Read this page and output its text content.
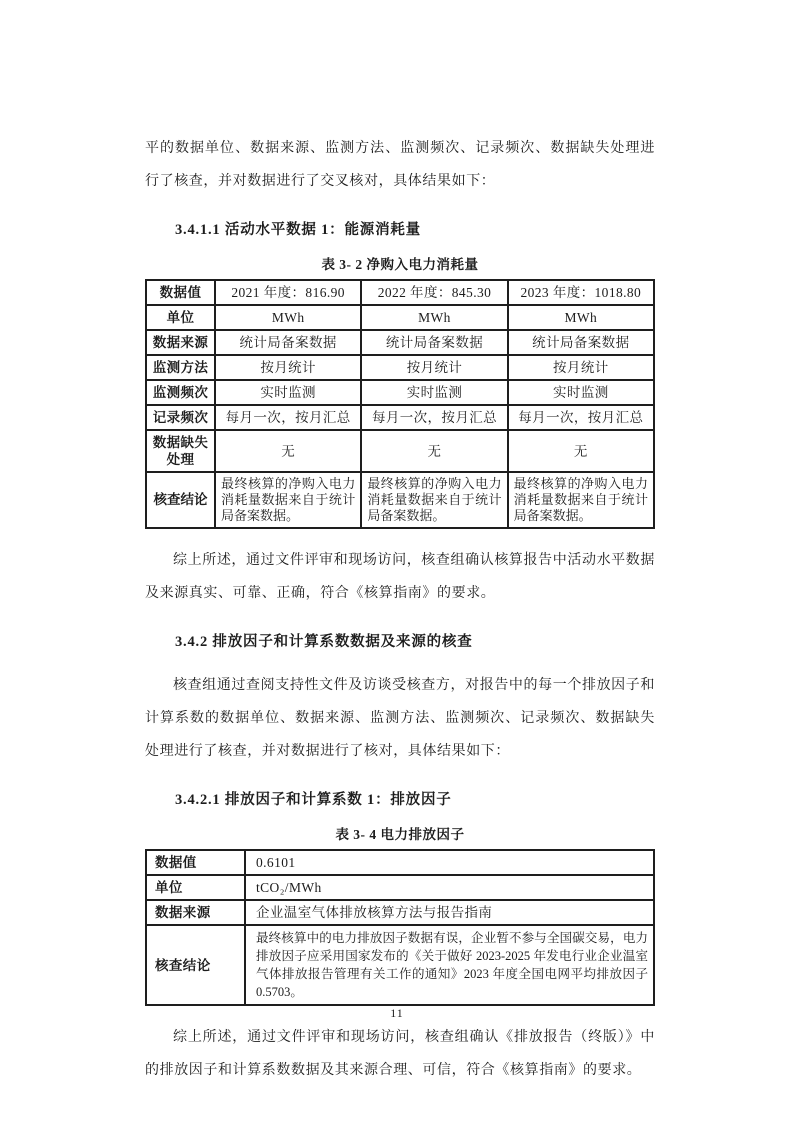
平的数据单位、数据来源、监测方法、监测频次、记录频次、数据缺失处理进行了核查，并对数据进行了交叉核对，具体结果如下：

3.4.1.1 活动水平数据 1：能源消耗量
表 3- 2 净购入电力消耗量
数据值	2021 年度：816.90	2022 年度：845.30	2023 年度：1018.80
单位	MWh	MWh	MWh
数据来源	统计局备案数据	统计局备案数据	统计局备案数据
监测方法	按月统计	按月统计	按月统计
监测频次	实时监测	实时监测	实时监测
记录频次	每月一次，按月汇总	每月一次，按月汇总	每月一次，按月汇总
数据缺失处理	无	无	无
核查结论	最终核算的净购入电力消耗量数据来自于统计局备案数据。	最终核算的净购入电力消耗量数据来自于统计局备案数据。	最终核算的净购入电力消耗量数据来自于统计局备案数据。

综上所述，通过文件评审和现场访问，核查组确认核算报告中活动水平数据及来源真实、可靠、正确，符合《核算指南》的要求。

3.4.2 排放因子和计算系数数据及来源的核查

核查组通过查阅支持性文件及访谈受核查方，对报告中的每一个排放因子和计算系数的数据单位、数据来源、监测方法、监测频次、记录频次、数据缺失处理进行了核查，并对数据进行了核对，具体结果如下：

3.4.2.1 排放因子和计算系数 1：排放因子
表 3- 4 电力排放因子
数据值	0.6101
单位	tCO₂/MWh
数据来源	企业温室气体排放核算方法与报告指南
核查结论	最终核算中的电力排放因子数据有误，企业暂不参与全国碳交易，电力排放因子应采用国家发布的《关于做好 2023-2025 年发电行业企业温室气体排放报告管理有关工作的通知》2023 年度全国电网平均排放因子 0.5703。

综上所述，通过文件评审和现场访问，核查组确认《排放报告（终版）》中的排放因子和计算系数数据及其来源合理、可信，符合《核算指南》的要求。

11
